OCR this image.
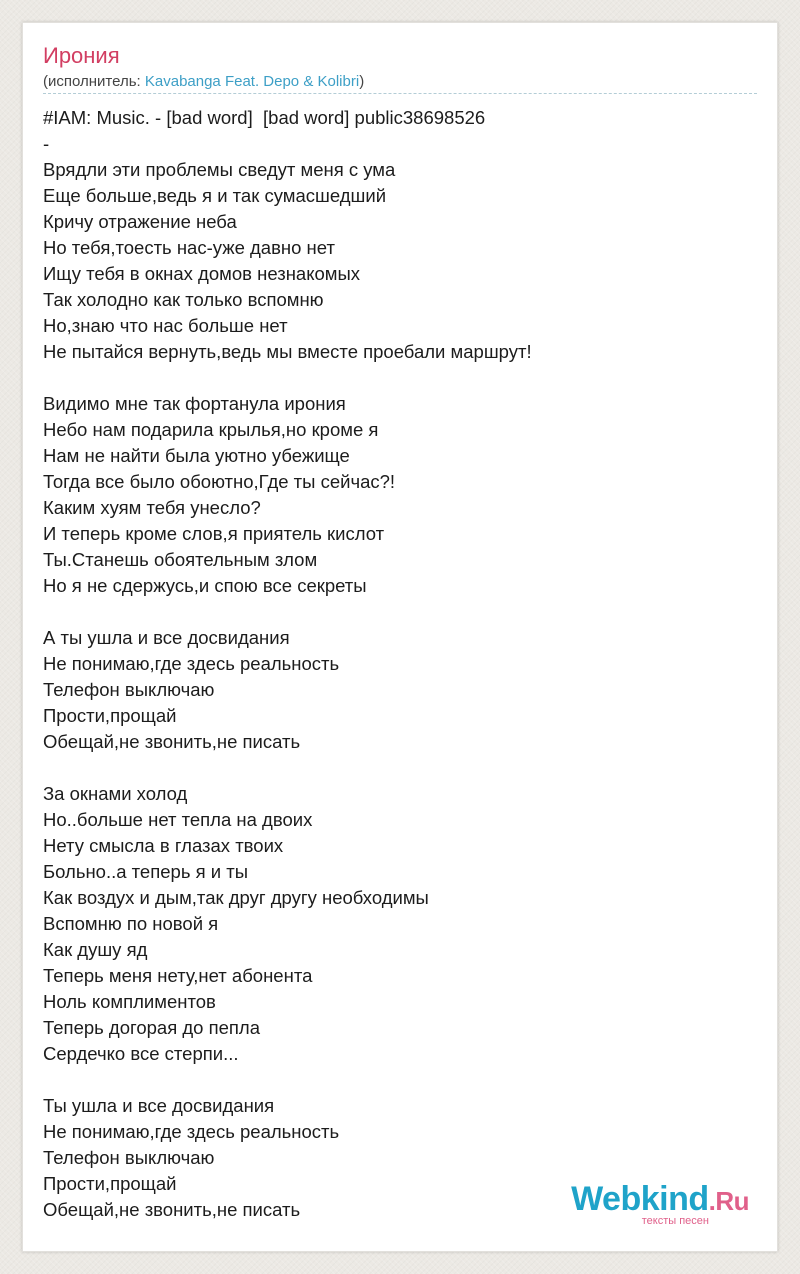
Ирония
(исполнитель: Kavabanga Feat. Depo & Kolibri)
#IAM: Music. - [bad word]  [bad word] public38698526
-
Врядли эти проблемы сведут меня с ума
Еще больше,ведь я и так сумасшедший
Кричу отражение неба
Но тебя,тоесть нас-уже давно нет
Ищу тебя в окнах домов незнакомых
Так холодно как только вспомню
Но,знаю что нас больше нет
Не пытайся вернуть,ведь мы вместе проебали маршрут!
Видимо мне так фортанула ирония
Небо нам подарила крылья,но кроме я
Нам не найти была уютно убежище
Тогда все было обоютно,Где ты сейчас?!
Каким хуям тебя унесло?
И теперь кроме слов,я приятель кислот
Ты.Станешь обоятельным злом
Но я не сдержусь,и спою все секреты
А ты ушла и все досвидания
Не понимаю,где здесь реальность
Телефон выключаю
Прости,прощай
Обещай,не звонить,не писать
За окнами холод
Но..больше нет тепла на двоих
Нету смысла в глазах твоих
Больно..а теперь я и ты
Как воздух и дым,так друг другу необходимы
Вспомню по новой я
Как душу яд
Теперь меня нету,нет абонента
Ноль комплиментов
Теперь догорая до пепла
Сердечко все стерпи...
Ты ушла и все досвидания
Не понимаю,где здесь реальность
Телефон выключаю
Прости,прощай
Обещай,не звонить,не писать	Webkind.Ru
тексты песен
